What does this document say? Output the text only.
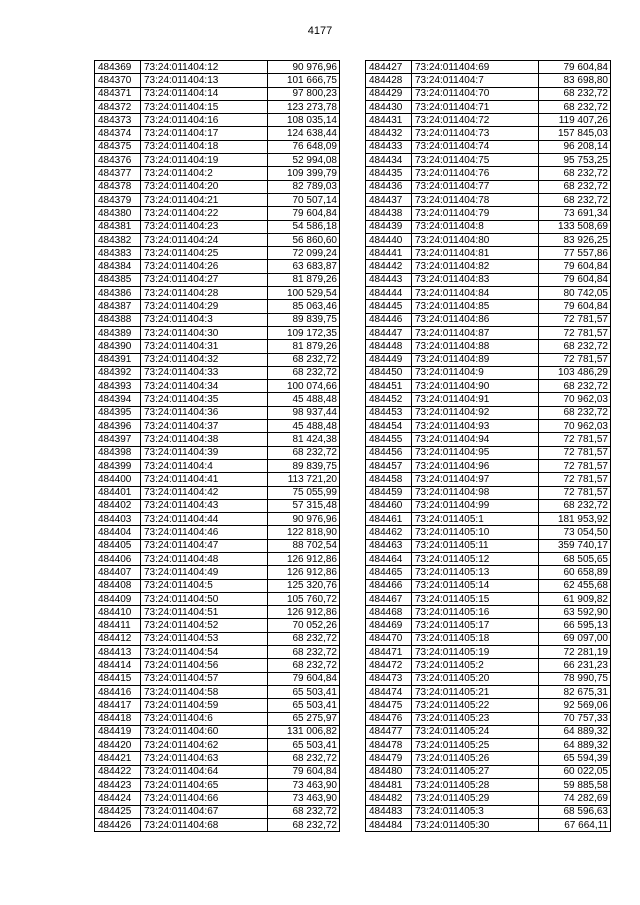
4177
484369	73:24:011404:12	90 976,96
484370	73:24:011404:13	101 666,75
484371	73:24:011404:14	97 800,23
484372	73:24:011404:15	123 273,78
484373	73:24:011404:16	108 035,14
484374	73:24:011404:17	124 638,44
484375	73:24:011404:18	76 648,09
484376	73:24:011404:19	52 994,08
484377	73:24:011404:2	109 399,79
484378	73:24:011404:20	82 789,03
484379	73:24:011404:21	70 507,14
484380	73:24:011404:22	79 604,84
484381	73:24:011404:23	54 586,18
484382	73:24:011404:24	56 860,60
484383	73:24:011404:25	72 099,24
484384	73:24:011404:26	63 683,87
484385	73:24:011404:27	81 879,26
484386	73:24:011404:28	100 529,54
484387	73:24:011404:29	85 063,46
484388	73:24:011404:3	89 839,75
484389	73:24:011404:30	109 172,35
484390	73:24:011404:31	81 879,26
484391	73:24:011404:32	68 232,72
484392	73:24:011404:33	68 232,72
484393	73:24:011404:34	100 074,66
484394	73:24:011404:35	45 488,48
484395	73:24:011404:36	98 937,44
484396	73:24:011404:37	45 488,48
484397	73:24:011404:38	81 424,38
484398	73:24:011404:39	68 232,72
484399	73:24:011404:4	89 839,75
484400	73:24:011404:41	113 721,20
484401	73:24:011404:42	75 055,99
484402	73:24:011404:43	57 315,48
484403	73:24:011404:44	90 976,96
484404	73:24:011404:46	122 818,90
484405	73:24:011404:47	88 702,54
484406	73:24:011404:48	126 912,86
484407	73:24:011404:49	126 912,86
484408	73:24:011404:5	125 320,76
484409	73:24:011404:50	105 760,72
484410	73:24:011404:51	126 912,86
484411	73:24:011404:52	70 052,26
484412	73:24:011404:53	68 232,72
484413	73:24:011404:54	68 232,72
484414	73:24:011404:56	68 232,72
484415	73:24:011404:57	79 604,84
484416	73:24:011404:58	65 503,41
484417	73:24:011404:59	65 503,41
484418	73:24:011404:6	65 275,97
484419	73:24:011404:60	131 006,82
484420	73:24:011404:62	65 503,41
484421	73:24:011404:63	68 232,72
484422	73:24:011404:64	79 604,84
484423	73:24:011404:65	73 463,90
484424	73:24:011404:66	73 463,90
484425	73:24:011404:67	68 232,72
484426	73:24:011404:68	68 232,72
484427	73:24:011404:69	79 604,84
484428	73:24:011404:7	83 698,80
484429	73:24:011404:70	68 232,72
484430	73:24:011404:71	68 232,72
484431	73:24:011404:72	119 407,26
484432	73:24:011404:73	157 845,03
484433	73:24:011404:74	96 208,14
484434	73:24:011404:75	95 753,25
484435	73:24:011404:76	68 232,72
484436	73:24:011404:77	68 232,72
484437	73:24:011404:78	68 232,72
484438	73:24:011404:79	73 691,34
484439	73:24:011404:8	133 508,69
484440	73:24:011404:80	83 926,25
484441	73:24:011404:81	77 557,86
484442	73:24:011404:82	79 604,84
484443	73:24:011404:83	79 604,84
484444	73:24:011404:84	80 742,05
484445	73:24:011404:85	79 604,84
484446	73:24:011404:86	72 781,57
484447	73:24:011404:87	72 781,57
484448	73:24:011404:88	68 232,72
484449	73:24:011404:89	72 781,57
484450	73:24:011404:9	103 486,29
484451	73:24:011404:90	68 232,72
484452	73:24:011404:91	70 962,03
484453	73:24:011404:92	68 232,72
484454	73:24:011404:93	70 962,03
484455	73:24:011404:94	72 781,57
484456	73:24:011404:95	72 781,57
484457	73:24:011404:96	72 781,57
484458	73:24:011404:97	72 781,57
484459	73:24:011404:98	72 781,57
484460	73:24:011404:99	68 232,72
484461	73:24:011405:1	181 953,92
484462	73:24:011405:10	73 054,50
484463	73:24:011405:11	359 740,17
484464	73:24:011405:12	68 505,65
484465	73:24:011405:13	60 658,89
484466	73:24:011405:14	62 455,68
484467	73:24:011405:15	61 909,82
484468	73:24:011405:16	63 592,90
484469	73:24:011405:17	66 595,13
484470	73:24:011405:18	69 097,00
484471	73:24:011405:19	72 281,19
484472	73:24:011405:2	66 231,23
484473	73:24:011405:20	78 990,75
484474	73:24:011405:21	82 675,31
484475	73:24:011405:22	92 569,06
484476	73:24:011405:23	70 757,33
484477	73:24:011405:24	64 889,32
484478	73:24:011405:25	64 889,32
484479	73:24:011405:26	65 594,39
484480	73:24:011405:27	60 022,05
484481	73:24:011405:28	59 885,58
484482	73:24:011405:29	74 282,69
484483	73:24:011405:3	68 596,63
484484	73:24:011405:30	67 664,11
